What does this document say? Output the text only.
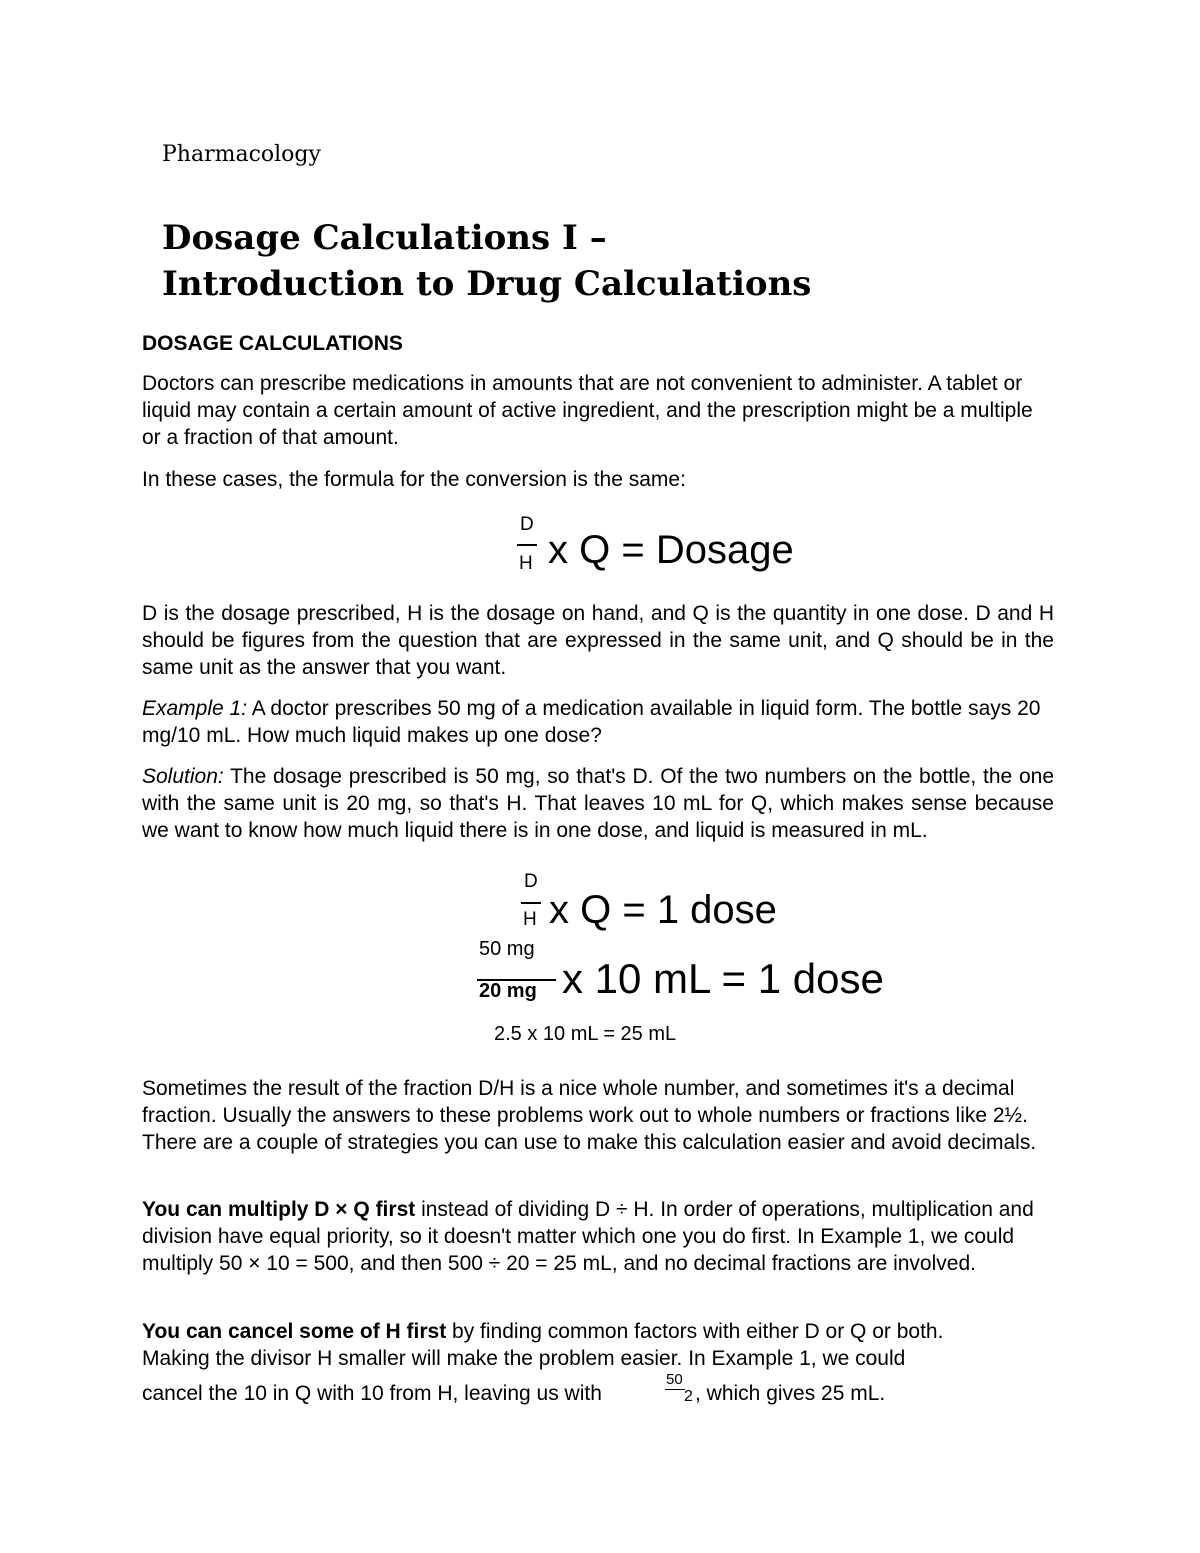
Pharmacology
Dosage Calculations I –
Introduction to Drug Calculations
DOSAGE CALCULATIONS
Doctors can prescribe medications in amounts that are not convenient to administer. A tablet or liquid may contain a certain amount of active ingredient, and the prescription might be a multiple or a fraction of that amount.
In these cases, the formula for the conversion is the same:
D
H x Q = Dosage
D is the dosage prescribed, H is the dosage on hand, and Q is the quantity in one dose. D and H should be figures from the question that are expressed in the same unit, and Q should be in the same unit as the answer that you want.
Example 1: A doctor prescribes 50 mg of a medication available in liquid form. The bottle says 20 mg/10 mL. How much liquid makes up one dose?
Solution: The dosage prescribed is 50 mg, so that's D. Of the two numbers on the bottle, the one with the same unit is 20 mg, so that's H. That leaves 10 mL for Q, which makes sense because we want to know how much liquid there is in one dose, and liquid is measured in mL.
D
H x Q = 1 dose
50 mg
20 mg x 10 mL = 1 dose
2.5 x 10 mL = 25 mL
Sometimes the result of the fraction D/H is a nice whole number, and sometimes it's a decimal fraction. Usually the answers to these problems work out to whole numbers or fractions like 2½. There are a couple of strategies you can use to make this calculation easier and avoid decimals.
You can multiply D × Q first instead of dividing D ÷ H. In order of operations, multiplication and division have equal priority, so it doesn't matter which one you do first. In Example 1, we could multiply 50 × 10 = 500, and then 500 ÷ 20 = 25 mL, and no decimal fractions are involved.
You can cancel some of H first by finding common factors with either D or Q or both.
Making the divisor H smaller will make the problem easier. In Example 1, we could
cancel the 10 in Q with 10 from H, leaving us with
50
2 , which gives 25 mL.
